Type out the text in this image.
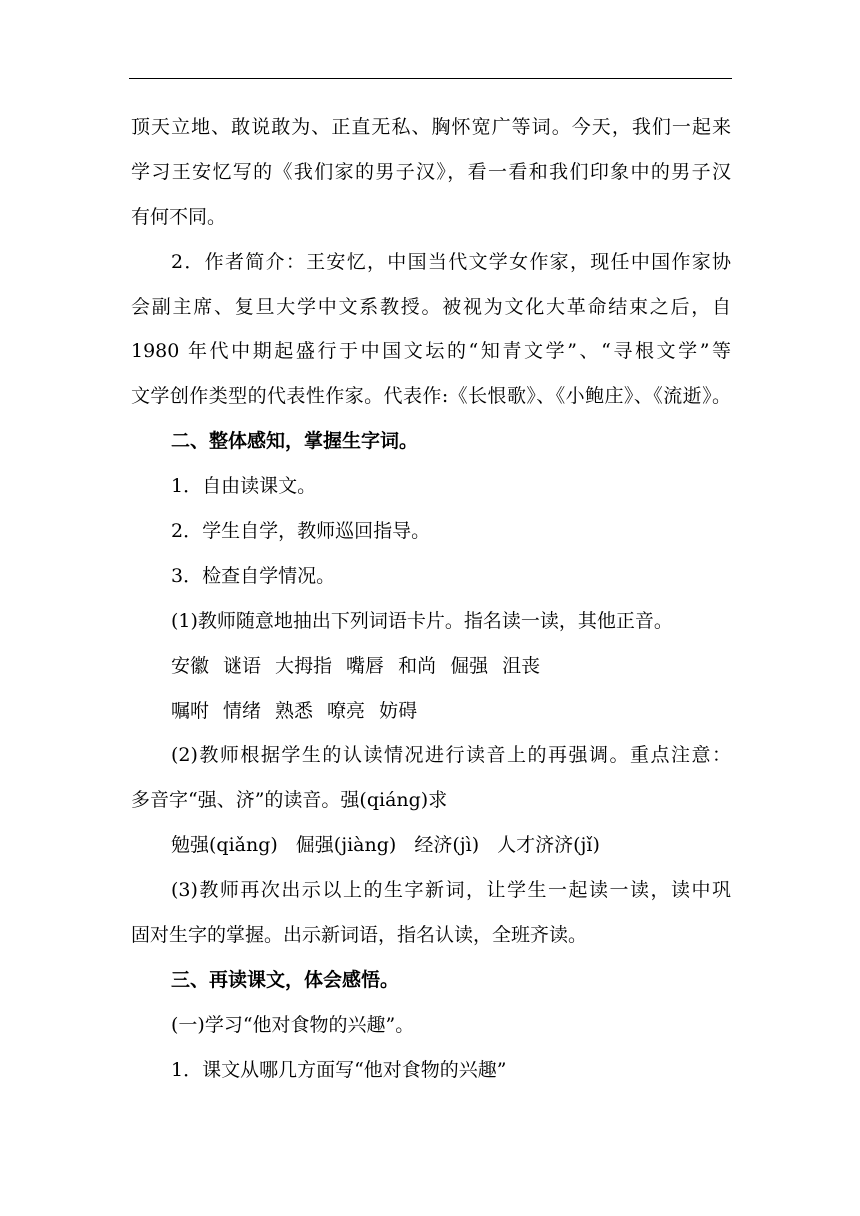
顶天立地、敢说敢为、正直无私、胸怀宽广等词。今天，我们一起来
学习王安忆写的《我们家的男子汉》，看一看和我们印象中的男子汉
有何不同。
2．作者简介：王安忆，中国当代文学女作家，现任中国作家协
会副主席、复旦大学中文系教授。被视为文化大革命结束之后，自
1980 年代中期起盛行于中国文坛的“知青文学”、“寻根文学”等
文学创作类型的代表性作家。代表作:《长恨歌》、《小鲍庄》、《流逝》。
二、整体感知，掌握生字词。
1．自由读课文。
2．学生自学，教师巡回指导。
3．检查自学情况。
(1)教师随意地抽出下列词语卡片。指名读一读，其他正音。
安徽 谜语 大拇指 嘴唇 和尚 倔强 沮丧
嘱咐 情绪 熟悉 嘹亮 妨碍
(2)教师根据学生的认读情况进行读音上的再强调。重点注意：
多音字“强、济”的读音。强(qiáng)求
勉强(qiǎng) 倔强(jiàng) 经济(jì) 人才济济(jǐ)
(3)教师再次出示以上的生字新词，让学生一起读一读，读中巩
固对生字的掌握。出示新词语，指名认读，全班齐读。
三、再读课文，体会感悟。
(一)学习“他对食物的兴趣”。
1．课文从哪几方面写“他对食物的兴趣”
